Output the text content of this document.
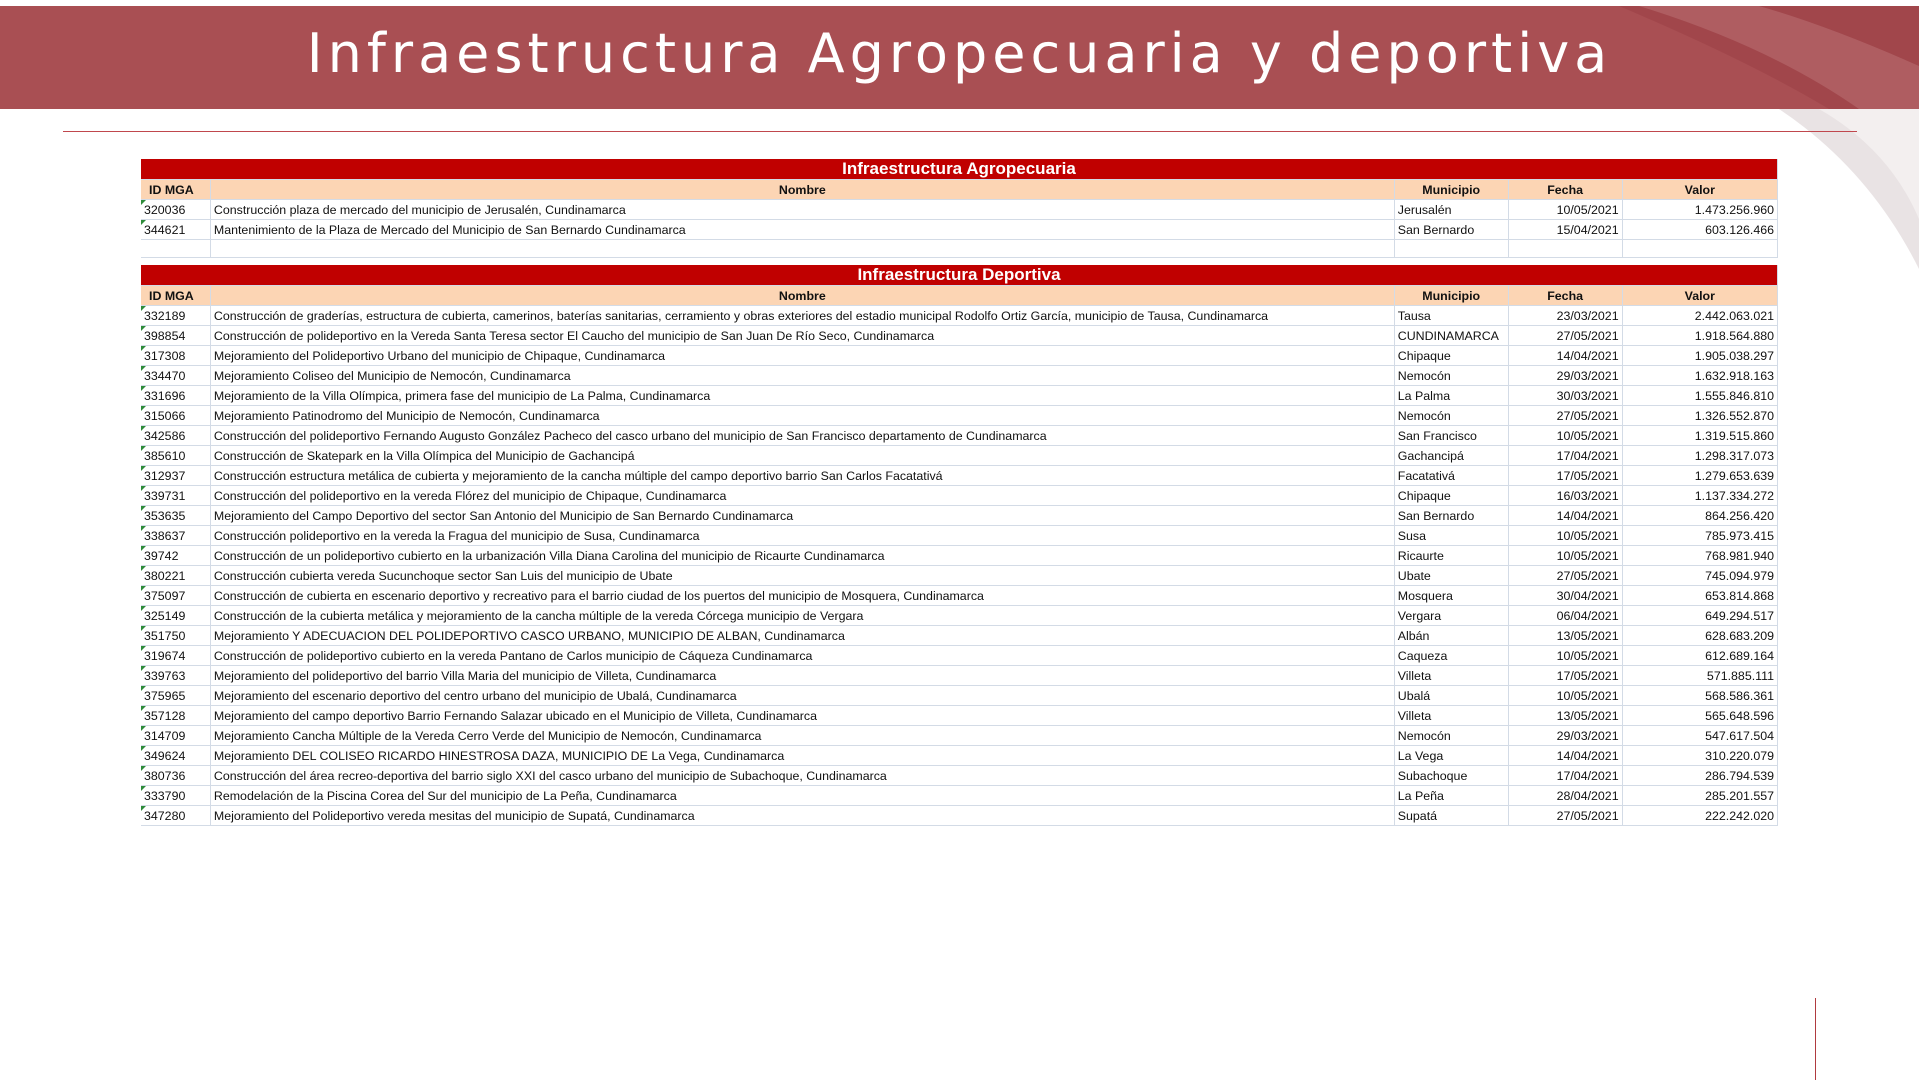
Infraestructura Agropecuaria y deportiva
Infraestructura Agropecuaria				
ID MGA	Nombre	Municipio	Fecha	Valor
320036	Construcción plaza de mercado del municipio de Jerusalén, Cundinamarca	Jerusalén	10/05/2021	1.473.256.960
344621	Mantenimiento de la Plaza de Mercado del Municipio de San Bernardo Cundinamarca	San Bernardo	15/04/2021	603.126.466

Infraestructura Deportiva				
ID MGA	Nombre	Municipio	Fecha	Valor
332189	Construcción de graderías, estructura de cubierta, camerinos, baterías sanitarias, cerramiento y obras exteriores del estadio municipal Rodolfo Ortiz García, municipio de Tausa, Cundinamarca	Tausa	23/03/2021	2.442.063.021
398854	Construcción de polideportivo en la Vereda Santa Teresa sector El Caucho del municipio de San Juan De Río Seco, Cundinamarca	CUNDINAMARCA	27/05/2021	1.918.564.880
317308	Mejoramiento del Polideportivo Urbano del municipio de Chipaque, Cundinamarca	Chipaque	14/04/2021	1.905.038.297
334470	Mejoramiento Coliseo del Municipio de Nemocón, Cundinamarca	Nemocón	29/03/2021	1.632.918.163
331696	Mejoramiento de la Villa Olímpica, primera fase del municipio de La Palma, Cundinamarca	La Palma	30/03/2021	1.555.846.810
315066	Mejoramiento Patinodromo del Municipio de Nemocón, Cundinamarca	Nemocón	27/05/2021	1.326.552.870
342586	Construcción del polideportivo Fernando Augusto González Pacheco del casco urbano del municipio de San Francisco departamento de Cundinamarca	San Francisco	10/05/2021	1.319.515.860
385610	Construcción de Skatepark en la Villa Olímpica del Municipio de Gachancipá	Gachancipá	17/04/2021	1.298.317.073
312937	Construcción estructura metálica de cubierta y mejoramiento de la cancha múltiple del campo deportivo barrio San Carlos Facatativá	Facatativá	17/05/2021	1.279.653.639
339731	Construcción del polideportivo en la vereda Flórez del municipio de Chipaque, Cundinamarca	Chipaque	16/03/2021	1.137.334.272
353635	Mejoramiento del Campo Deportivo del sector San Antonio del Municipio de San Bernardo Cundinamarca	San Bernardo	14/04/2021	864.256.420
338637	Construcción polideportivo en la vereda la Fragua del municipio de Susa, Cundinamarca	Susa	10/05/2021	785.973.415
39742	Construcción de un polideportivo cubierto en la urbanización Villa Diana Carolina del municipio de Ricaurte Cundinamarca	Ricaurte	10/05/2021	768.981.940
380221	Construcción cubierta vereda Sucunchoque sector San Luis del municipio de Ubate	Ubate	27/05/2021	745.094.979
375097	Construcción de cubierta en escenario deportivo y recreativo para el barrio ciudad de los puertos del municipio de Mosquera, Cundinamarca	Mosquera	30/04/2021	653.814.868
325149	Construcción de la cubierta metálica y mejoramiento de la cancha múltiple de la vereda Córcega municipio de Vergara	Vergara	06/04/2021	649.294.517
351750	Mejoramiento Y ADECUACION DEL POLIDEPORTIVO CASCO URBANO, MUNICIPIO DE ALBAN, Cundinamarca	Albán	13/05/2021	628.683.209
319674	Construcción de polideportivo cubierto en la vereda Pantano de Carlos municipio de Cáqueza Cundinamarca	Caqueza	10/05/2021	612.689.164
339763	Mejoramiento del polideportivo del barrio Villa Maria del municipio de Villeta, Cundinamarca	Villeta	17/05/2021	571.885.111
375965	Mejoramiento del escenario deportivo del centro urbano del municipio de Ubalá, Cundinamarca	Ubalá	10/05/2021	568.586.361
357128	Mejoramiento del campo deportivo Barrio Fernando Salazar ubicado en el Municipio de Villeta, Cundinamarca	Villeta	13/05/2021	565.648.596
314709	Mejoramiento Cancha Múltiple de la Vereda Cerro Verde del Municipio de Nemocón, Cundinamarca	Nemocón	29/03/2021	547.617.504
349624	Mejoramiento DEL COLISEO RICARDO HINESTROSA DAZA, MUNICIPIO DE La Vega, Cundinamarca	La Vega	14/04/2021	310.220.079
380736	Construcción del área recreo-deportiva del barrio siglo XXI del casco urbano del municipio de Subachoque, Cundinamarca	Subachoque	17/04/2021	286.794.539
333790	Remodelación de la Piscina Corea del Sur del municipio de La Peña, Cundinamarca	La Peña	28/04/2021	285.201.557
347280	Mejoramiento del Polideportivo vereda mesitas del municipio de Supatá, Cundinamarca	Supatá	27/05/2021	222.242.020
